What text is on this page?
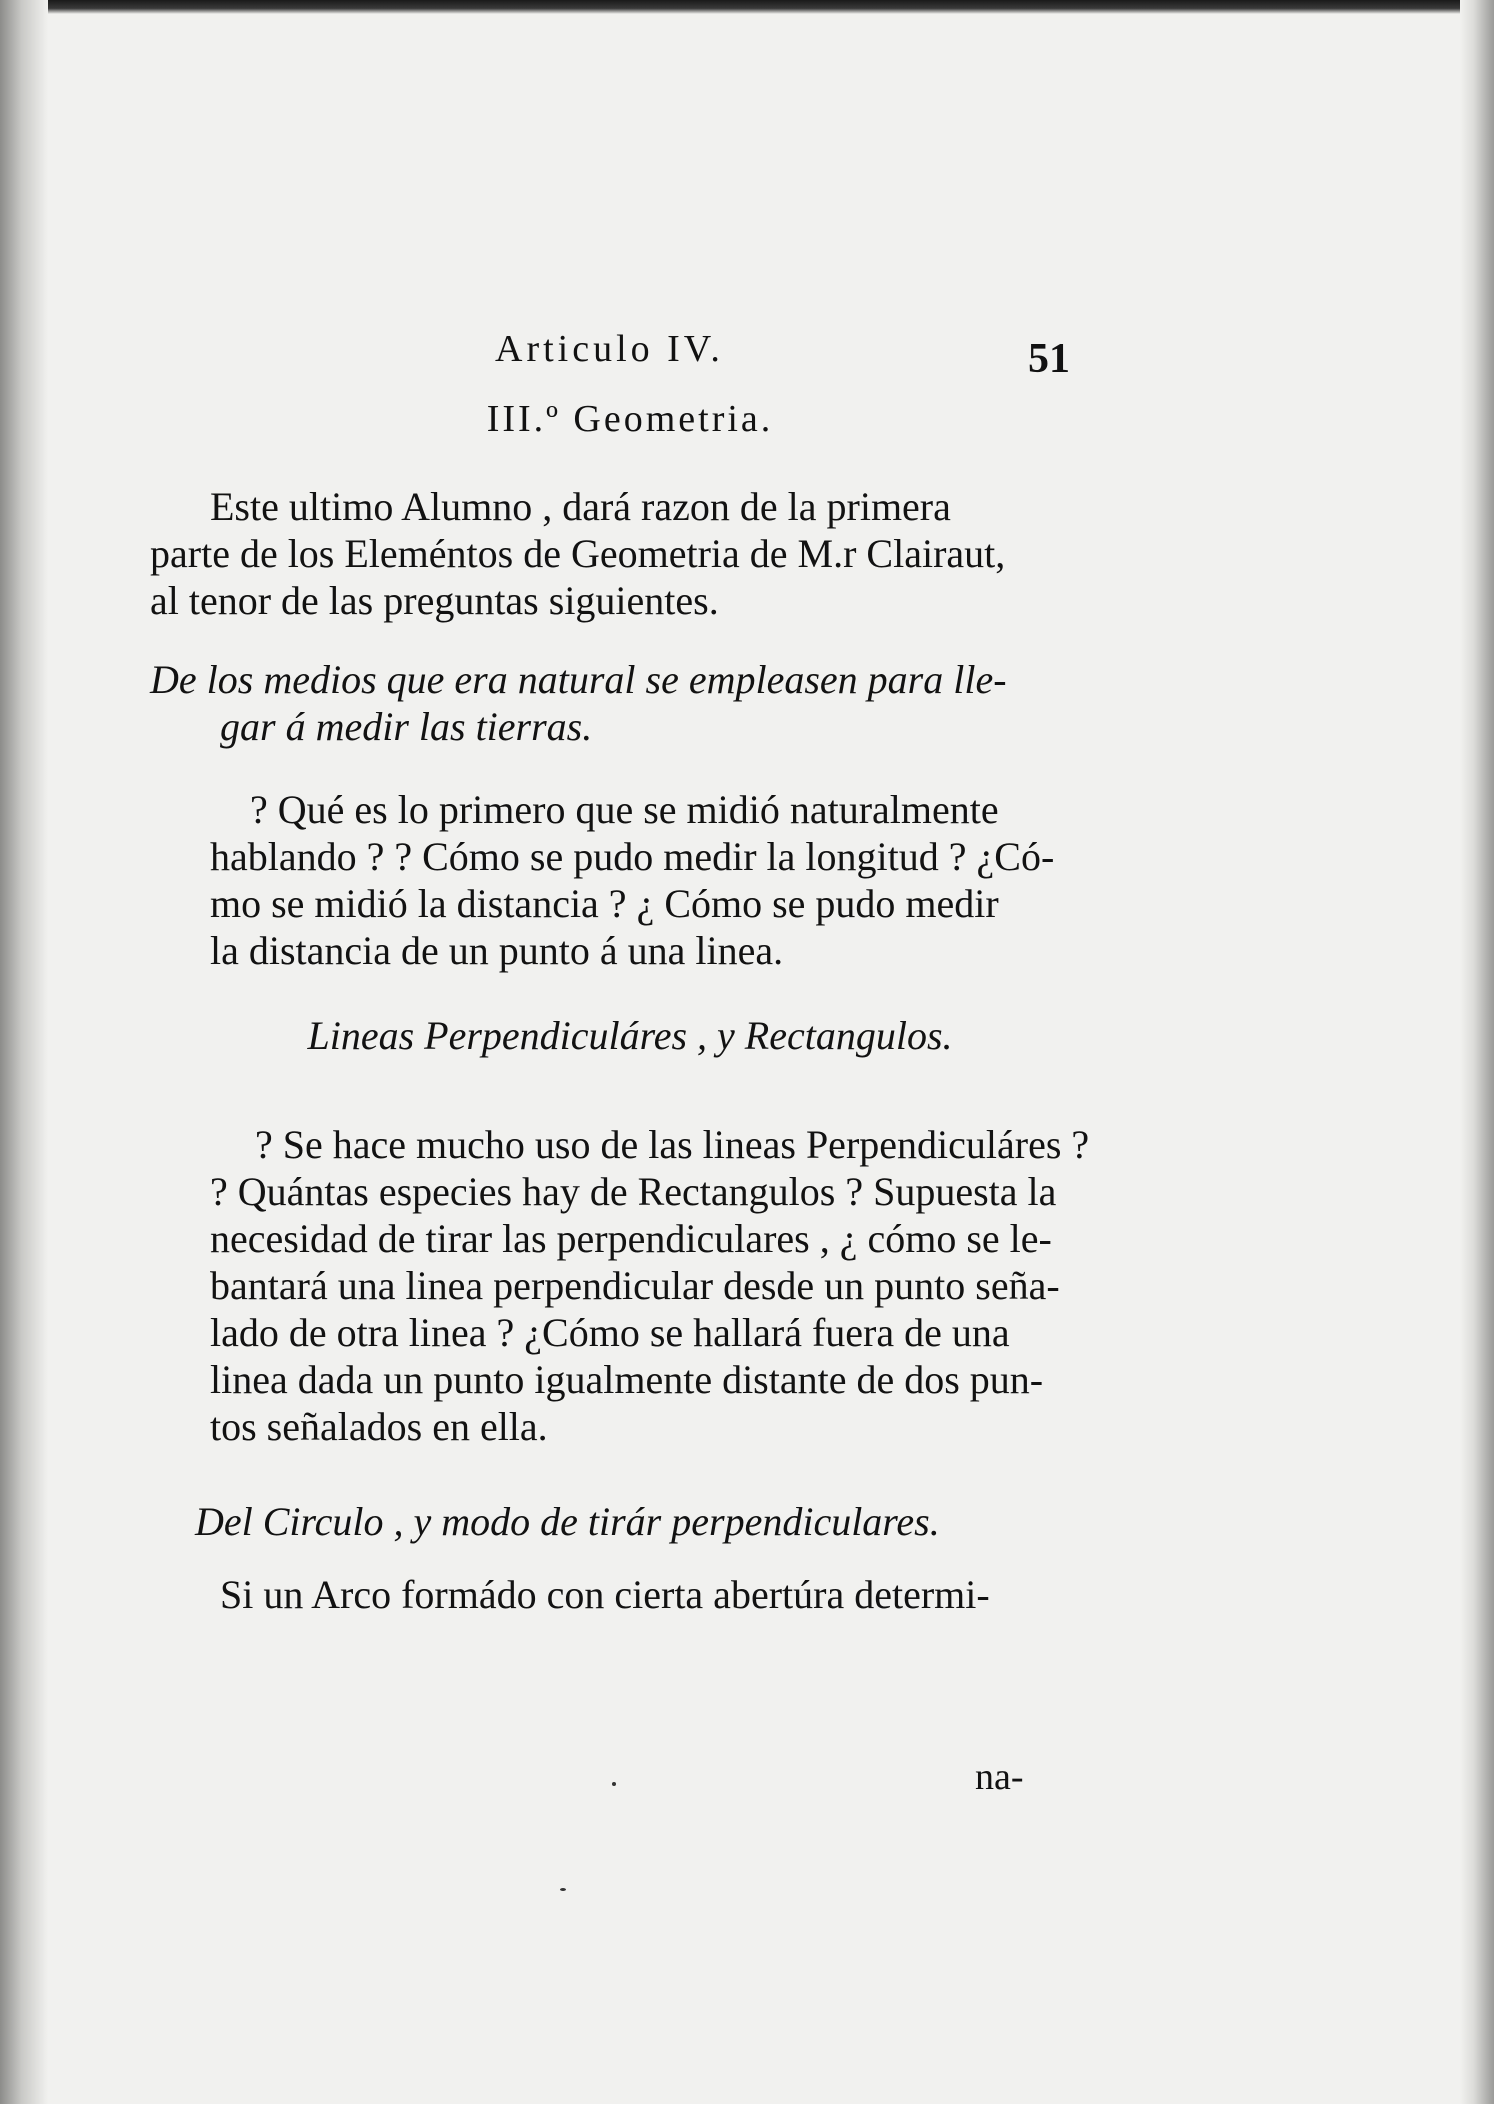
Articulo IV.	51
III.º Geometria.

Este ultimo Alumno , dará razon de la primera
parte de los Eleméntos de Geometria de M.r Clairaut,
al tenor de las preguntas siguientes.

De los medios que era natural se empleasen para lle-
gar á medir las tierras.

? Qué es lo primero que se midió naturalmente
hablando ? ? Cómo se pudo medir la longitud ? ¿Có-
mo se midió la distancia ? ¿ Cómo se pudo medir
la distancia de un punto á una linea.

Lineas Perpendiculáres , y Rectangulos.

? Se hace mucho uso de las lineas Perpendiculáres ?
? Quántas especies hay de Rectangulos ? Supuesta la
necesidad de tirar las perpendiculares , ¿ cómo se le-
bantará una linea perpendicular desde un punto seña-
lado de otra linea ? ¿Cómo se hallará fuera de una
linea dada un punto igualmente distante de dos pun-
tos señalados en ella.

Del Circulo , y modo de tirár perpendiculares.

Si un Arco formádo con cierta abertúra determi-

na-
